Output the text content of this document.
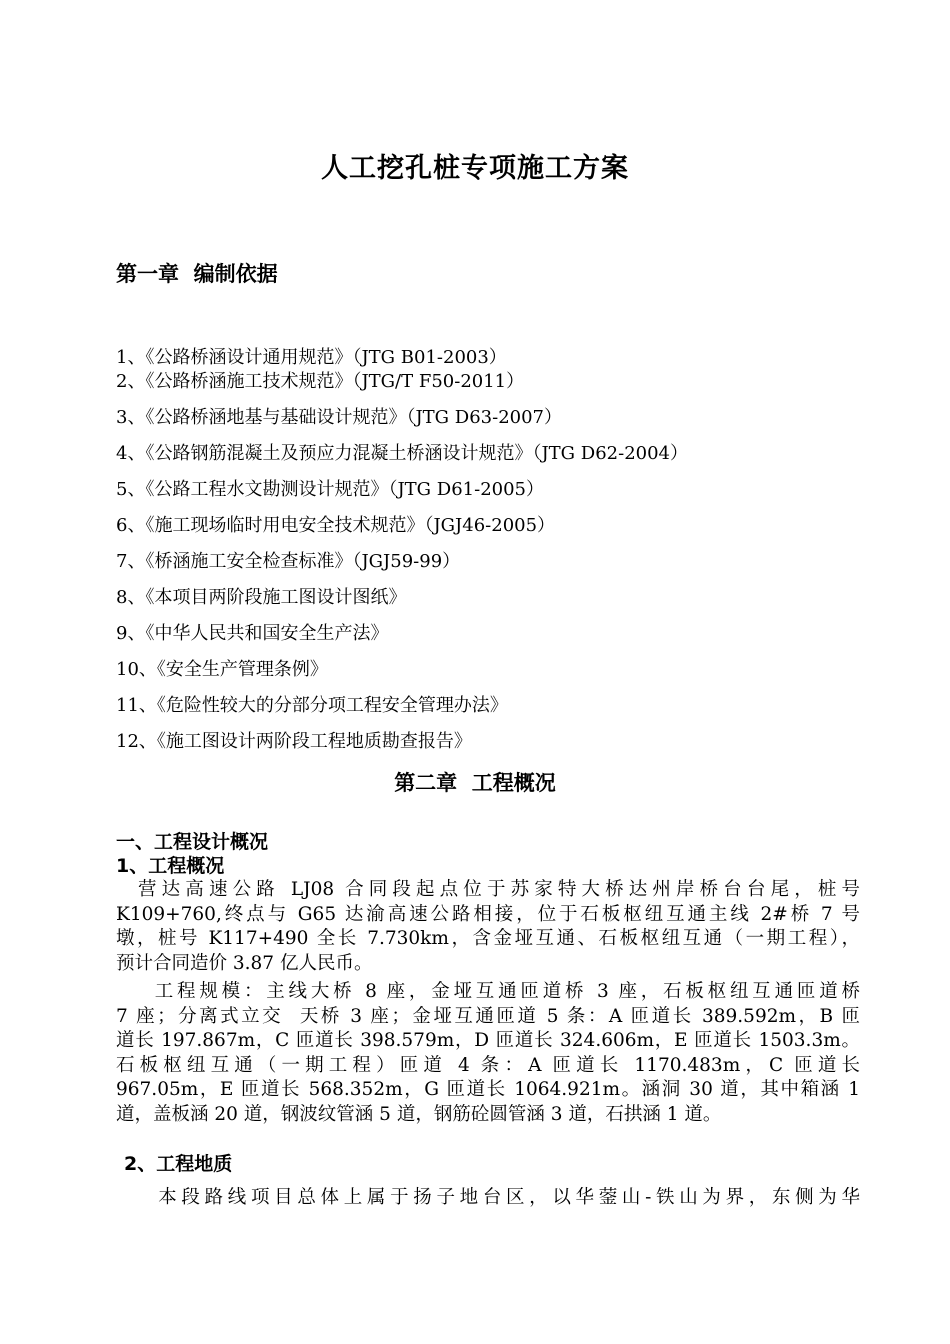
人工挖孔桩专项施工方案
第一章  编制依据
1、《公路桥涵设计通用规范》（JTG B01-2003）
2、《公路桥涵施工技术规范》（JTG/T F50-2011）
3、《公路桥涵地基与基础设计规范》（JTG D63-2007）
4、《公路钢筋混凝土及预应力混凝土桥涵设计规范》（JTG D62-2004）
5、《公路工程水文勘测设计规范》（JTG D61-2005）
6、《施工现场临时用电安全技术规范》（JGJ46-2005）
7、《桥涵施工安全检查标准》（JGJ59-99）
8、《本项目两阶段施工图设计图纸》
9、《中华人民共和国安全生产法》
10、《安全生产管理条例》
11、《危险性较大的分部分项工程安全管理办法》
12、《施工图设计两阶段工程地质勘查报告》
第二章  工程概况
一、工程设计概况
1、工程概况
营达高速公路 LJ08 合同段起点位于苏家特大桥达州岸桥台台尾，桩号
K109+760,终点与 G65 达渝高速公路相接，位于石板枢纽互通主线 2#桥 7 号
墩，桩号 K117+490 全长 7.730km，含金垭互通、石板枢纽互通（一期工程），
预计合同造价 3.87 亿人民币。
工程规模：主线大桥 8 座，金垭互通匝道桥 3 座，石板枢纽互通匝道桥
7 座；分离式立交  天桥 3 座；金垭互通匝道 5 条：A 匝道长 389.592m，B 匝
道长 197.867m，C 匝道长 398.579m，D 匝道长 324.606m，E 匝道长 1503.3m。
石板枢纽互通（一期工程）匝道 4 条：A 匝道长 1170.483m，C 匝道长
967.05m，E 匝道长 568.352m，G 匝道长 1064.921m。涵洞 30 道，其中箱涵 1
道，盖板涵 20 道，钢波纹管涵 5 道，钢筋砼圆管涵 3 道，石拱涵 1 道。
2、工程地质
本段路线项目总体上属于扬子地台区，以华蓥山-铁山为界，东侧为华
